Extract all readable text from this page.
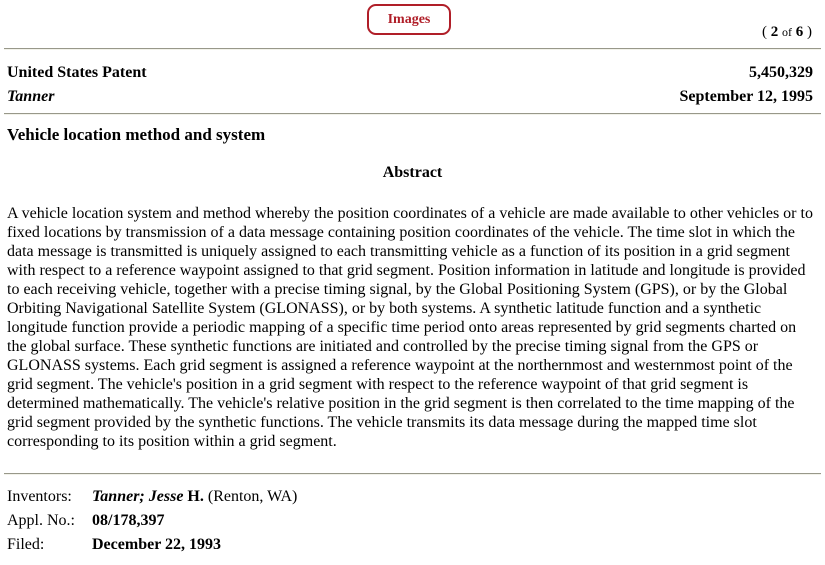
Images
( 2 of 6 )
United States Patent	5,450,329
Tanner	September 12, 1995
Vehicle location method and system
Abstract
A vehicle location system and method whereby the position coordinates of a vehicle are made available to other vehicles or to fixed locations by transmission of a data message containing position coordinates of the vehicle. The time slot in which the data message is transmitted is uniquely assigned to each transmitting vehicle as a function of its position in a grid segment with respect to a reference waypoint assigned to that grid segment. Position information in latitude and longitude is provided to each receiving vehicle, together with a precise timing signal, by the Global Positioning System (GPS), or by the Global Orbiting Navigational Satellite System (GLONASS), or by both systems. A synthetic latitude function and a synthetic longitude function provide a periodic mapping of a specific time period onto areas represented by grid segments charted on the global surface. These synthetic functions are initiated and controlled by the precise timing signal from the GPS or GLONASS systems. Each grid segment is assigned a reference waypoint at the northernmost and westernmost point of the grid segment. The vehicle's position in a grid segment with respect to the reference waypoint of that grid segment is determined mathematically. The vehicle's relative position in the grid segment is then correlated to the time mapping of the grid segment provided by the synthetic functions. The vehicle transmits its data message during the mapped time slot corresponding to its position within a grid segment.
Inventors:	Tanner; Jesse H. (Renton, WA)
Appl. No.:	08/178,397
Filed:	December 22, 1993
